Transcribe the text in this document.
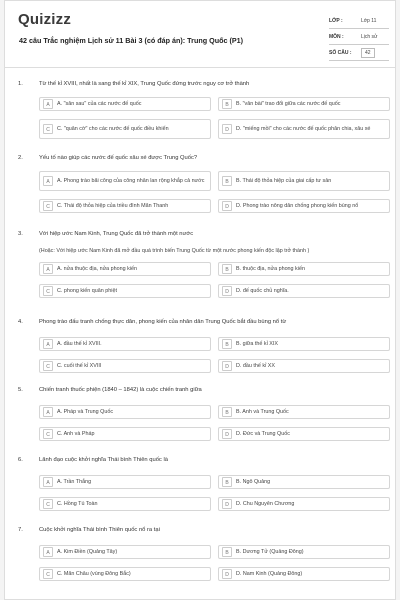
Quizizz
42 câu Trắc nghiệm Lịch sử 11 Bài 3 (có đáp án): Trung Quốc (P1)
LỚP :	Lớp 11
MÔN :	Lịch sử
SỐ CÂU :	42
1.	Từ thế kỉ XVIII, nhất là sang thế kỉ XIX, Trung Quốc đứng trước nguy cơ trở thành
A	A. "sân sau" của các nước đế quốc	B	B. "vân bài" trao đổi giữa các nước đế quốc
C	C. "quân cờ" cho các nước đế quốc điều khiển	D	D. "miếng mồi" cho các nước đế quốc phân chia, xâu xé
2.	Yếu tố nào giúp các nước đế quốc xâu xé được Trung Quốc?
A	A. Phong trào bãi công của công nhân lan rộng khắp cả nước	B	B. Thái độ thỏa hiệp của giai cấp tư sản
C	C. Thái độ thỏa hiệp của triều đình Mãn Thanh	D	D. Phong trào nông dân chống phong kiến bùng nổ
3.	Với hiệp ước Nam Kinh, Trung Quốc đã trở thành một nước
(Hoặc: Với hiệp ước Nam Kinh đã mở đầu quá trình biến Trung Quốc từ một nước phong kiến độc lập trở thành )
A	A. nửa thuộc địa, nửa phong kiến	B	B. thuộc địa, nửa phong kiến
C	C. phong kiến quân phiệt	D	D. đế quốc chủ nghĩa.
4.	Phong trào đấu tranh chống thực dân, phong kiến của nhân dân Trung Quốc bắt đầu bùng nổ từ
A	A. đầu thế kỉ XVIII.	B	B. giữa thế kỉ XIX
C	C. cuối thế kỉ XVIII	D	D. đầu thế kỉ XX
5.	Chiến tranh thuốc phiện (1840 – 1842) là cuộc chiến tranh giữa
A	A. Pháp và Trung Quốc	B	B. Anh và Trung Quốc
C	C. Anh và Pháp	D	D. Đức và Trung Quốc
6.	Lãnh đạo cuộc khởi nghĩa Thái bình Thiên quốc là
A	A. Trần Thắng	B	B. Ngô Quảng
C	C. Hồng Tú Toàn	D	D. Chu Nguyên Chương
7.	Cuộc khởi nghĩa Thái bình Thiên quốc nổ ra tại
A	A. Kim Điền (Quảng Tây)	B	B. Dương Tử (Quảng Đông)
C	C. Mãn Châu (vùng Đông Bắc)	D	D. Nam Kinh (Quảng Đông)
